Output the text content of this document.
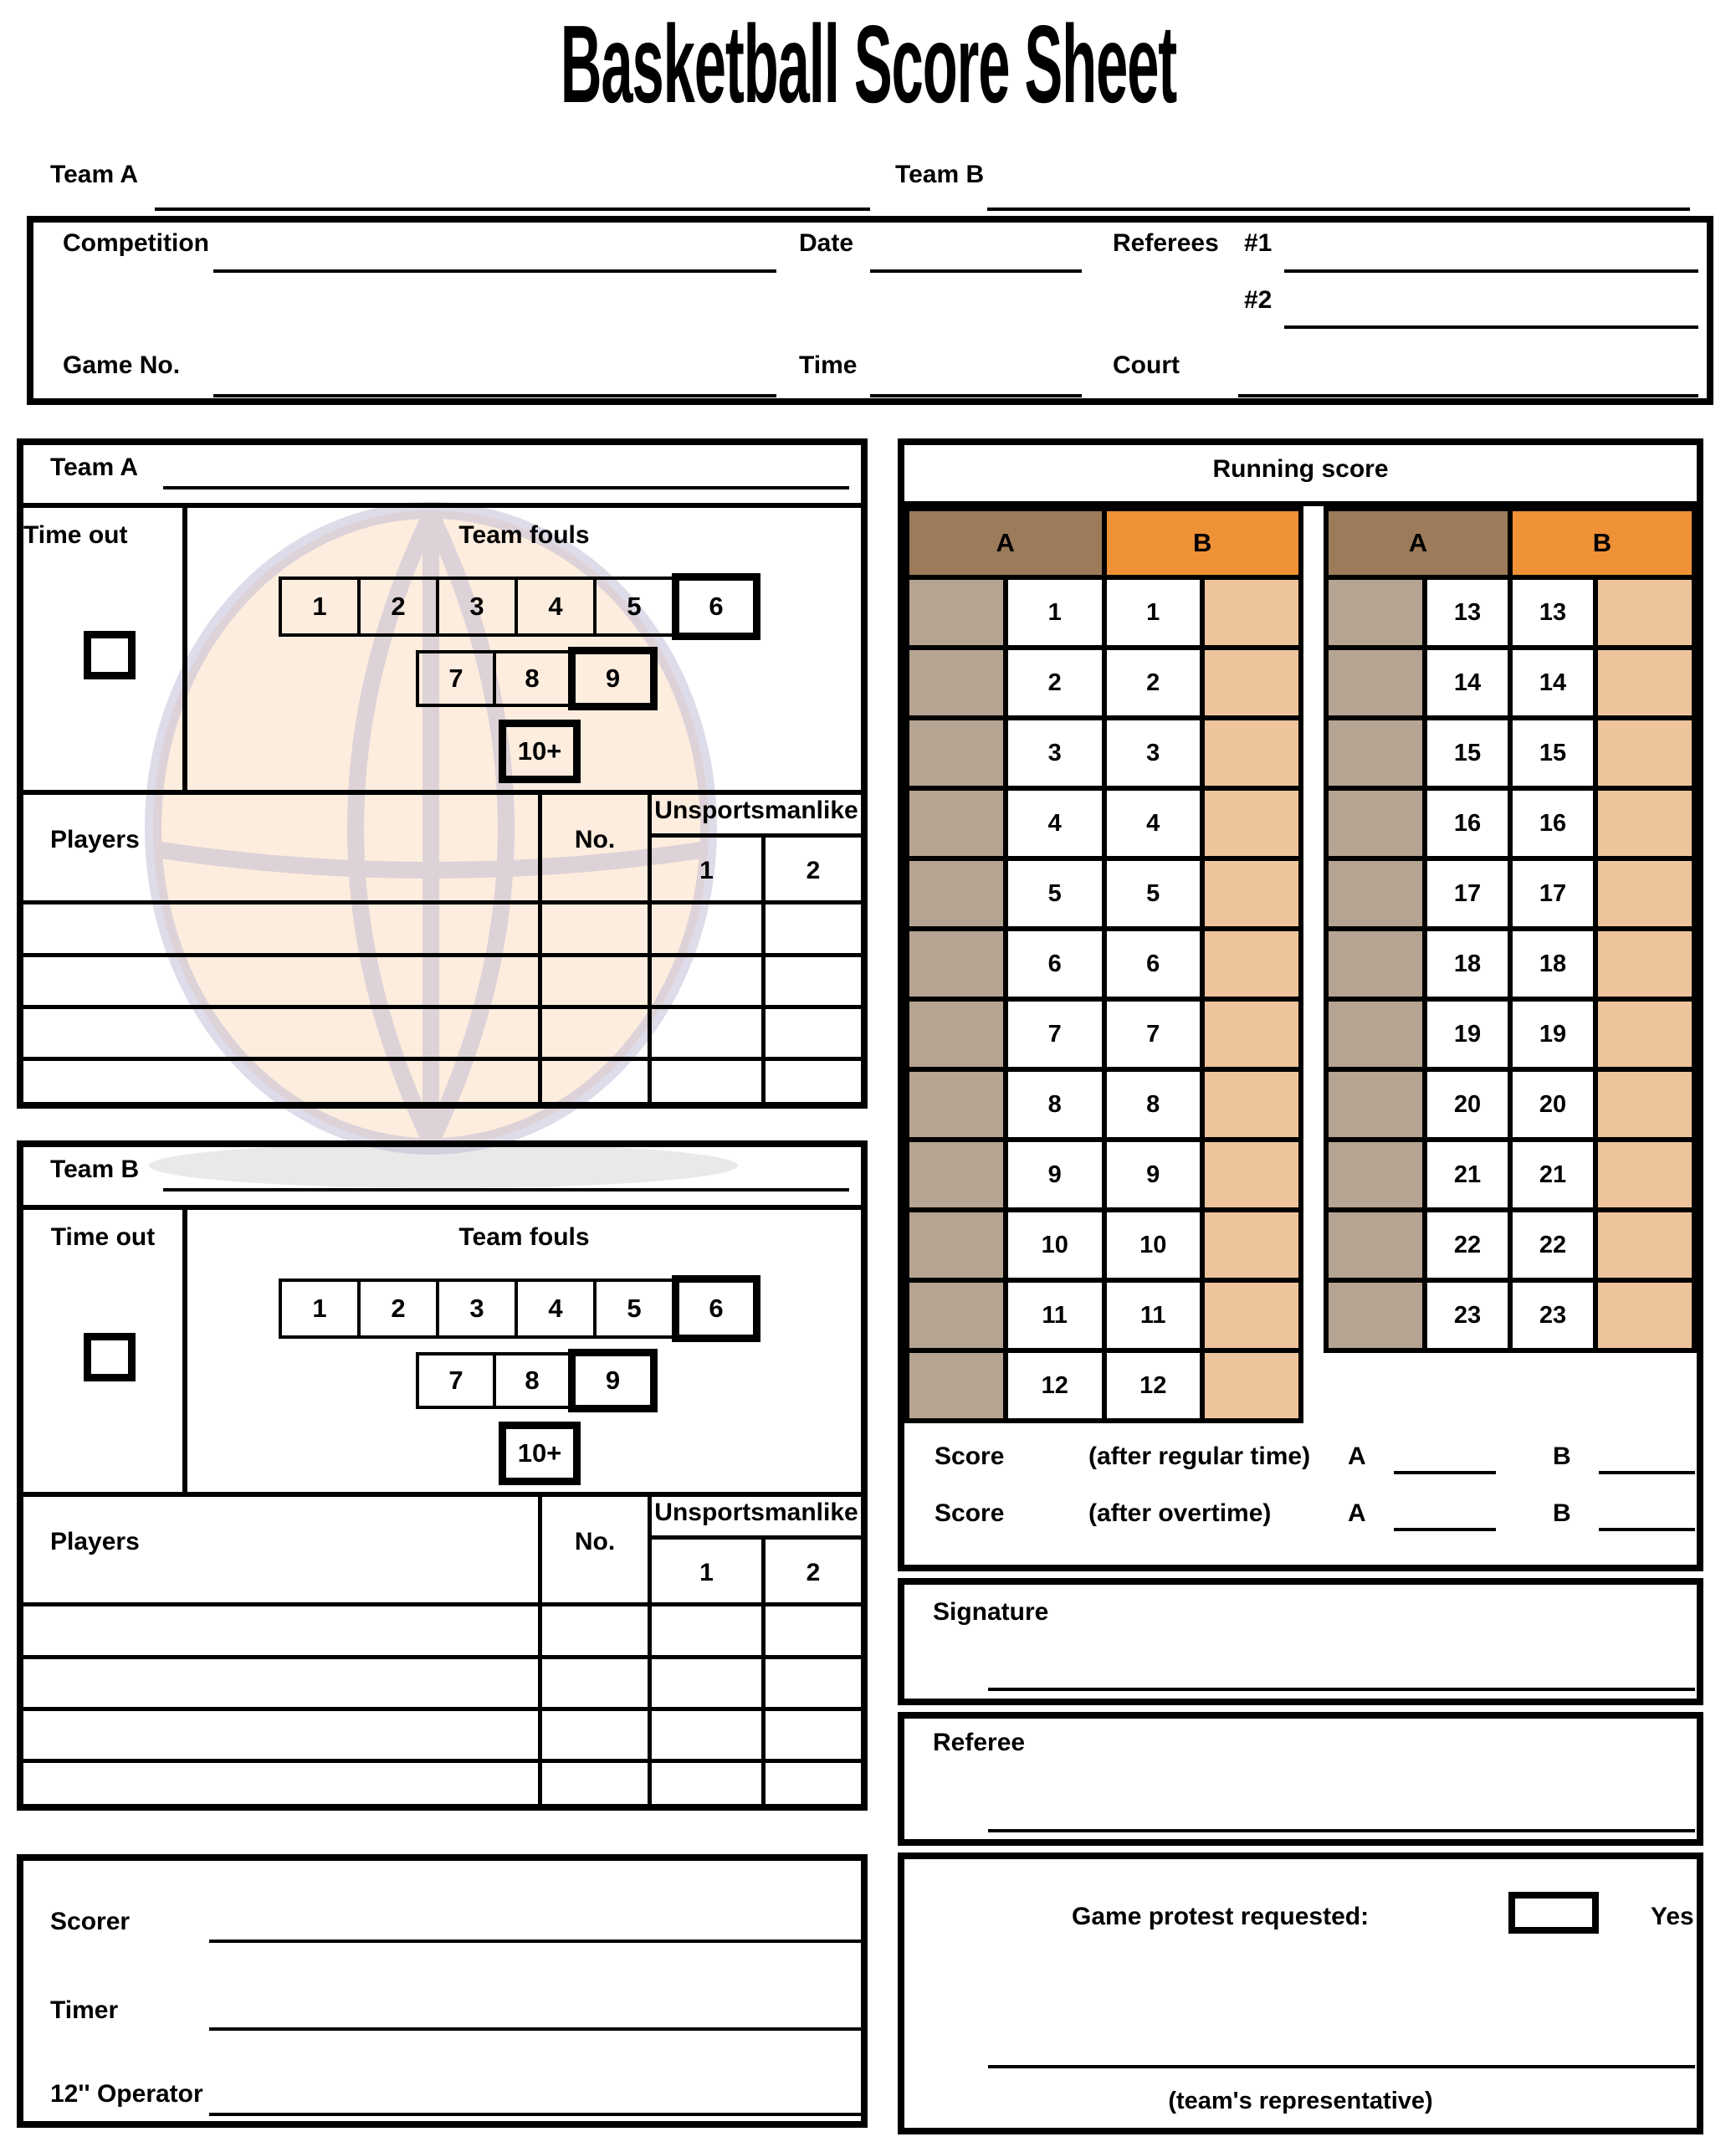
Basketball Score Sheet
Team A	Team B
Competition	Date	Referees #1
#2
Game No.	Time	Court
Team A
Time out	Team fouls
1	2	3	4	5	6
7	8	9
10+
Players	No.
Unsportsmanlike
1	2
Team B
Time out	Team fouls
1	2	3	4	5	6
7	8	9
10+
Players	No.
Unsportsmanlike
1	2
Scorer
Timer
12'' Operator
Running score
A	B
1	1
2	2
3	3
4	4
5	5
6	6
7	7
8	8
9	9
10	10
11	11
12	12
A	B
13	13
14	14
15	15
16	16
17	17
18	18
19	19
20	20
21	21
22	22
23	23
Score	(after regular time) A	B
Score	(after overtime)	A	B
Signature
Referee
Game protest requested:	Yes
(team's representative)
